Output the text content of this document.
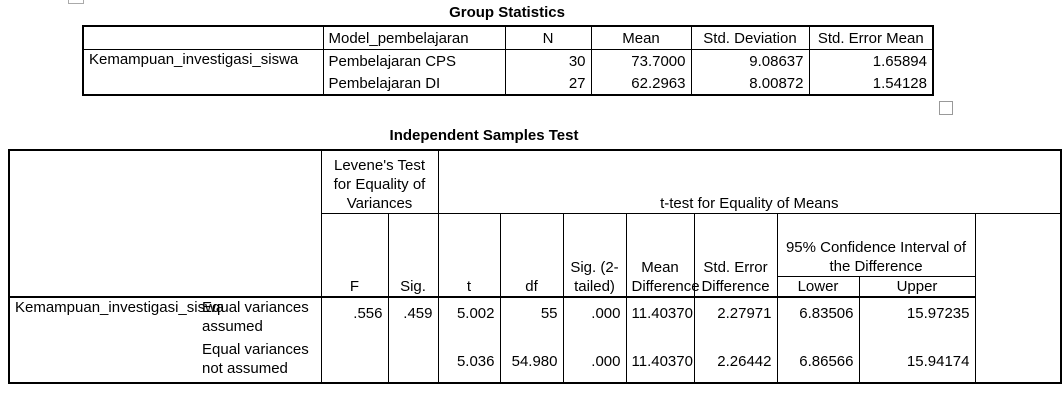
Group Statistics
	Model_pembelajaran	N	Mean	Std. Deviation	Std. Error Mean
Kemampuan_investigasi_siswa	Pembelajaran CPS	30	73.7000	9.08637	1.65894
	Pembelajaran DI	27	62.2963	8.00872	1.54128
Independent Samples Test
		Levene's Test for Equality of Variances		t-test for Equality of Means						
		F	Sig.	t	df	Sig. (2-tailed)	Mean Difference	Std. Error Difference	95% Confidence Interval of the Difference	
									Lower	Upper
Kemampuan_investigasi_siswa	Equal variances assumed	.556	.459	5.002	55	.000	11.40370	2.27971	6.83506	15.97235
	Equal variances not assumed			5.036	54.980	.000	11.40370	2.26442	6.86566	15.94174
